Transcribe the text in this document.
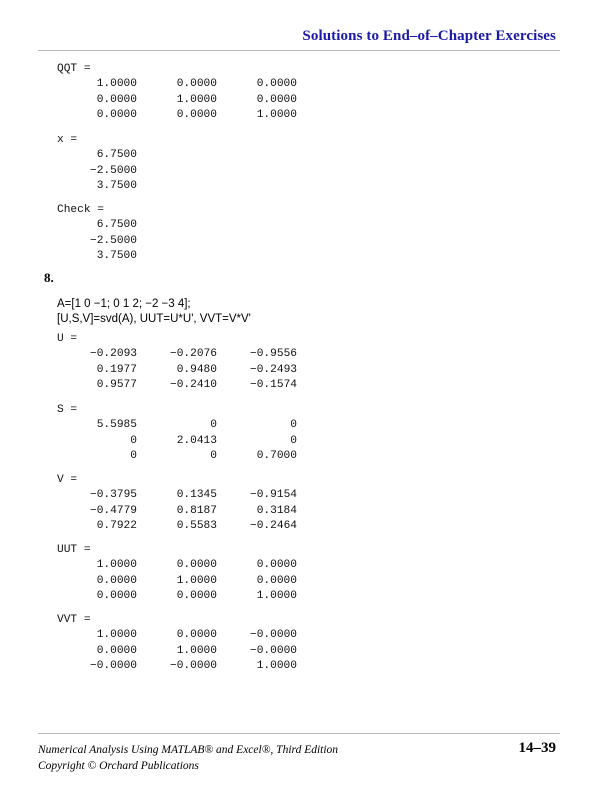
Solutions to End–of–Chapter Exercises
QQT =
1.0000	0.0000	0.0000
0.0000	1.0000	0.0000
0.0000	0.0000	1.0000
x =
6.7500
−2.5000
3.7500
Check =
6.7500
−2.5000
3.7500
U =
−0.2093	−0.2076	−0.9556
0.1977	0.9480	−0.2493
0.9577	−0.2410	−0.1574
S =
5.5985	0	0
0	2.0413	0
0	0	0.7000
V =
−0.3795	0.1345	−0.9154
−0.4779	0.8187	0.3184
0.7922	0.5583	−0.2464
UUT =
1.0000	0.0000	0.0000
0.0000	1.0000	0.0000
0.0000	0.0000	1.0000
VVT =
1.0000	0.0000	−0.0000
0.0000	1.0000	−0.0000
−0.0000	−0.0000	1.0000
8.
A=[1 0 −1; 0 1 2; −2 −3 4];
[U,S,V]=svd(A), UUT=U*U', VVT=V*V'
Numerical Analysis Using MATLAB® and Excel®, Third Edition
Copyright © Orchard Publications
14–39
